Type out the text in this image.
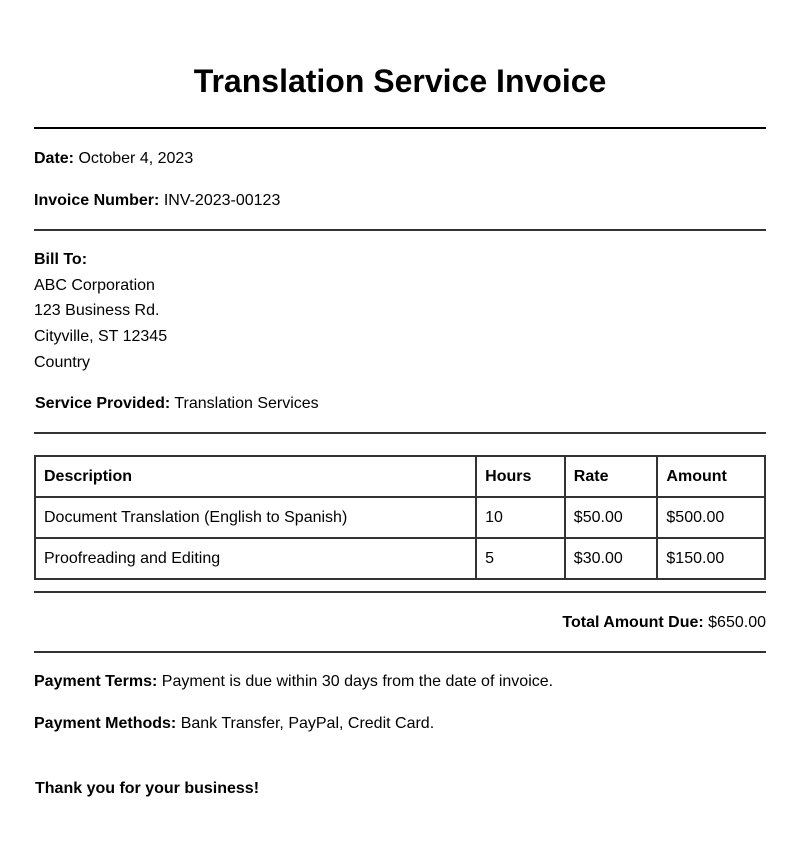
Translation Service Invoice
Date: October 4, 2023
Invoice Number: INV-2023-00123
Bill To:
ABC Corporation
123 Business Rd.
Cityville, ST 12345
Country
Service Provided: Translation Services
Description	Hours	Rate	Amount
Document Translation (English to Spanish)	10	$50.00	$500.00
Proofreading and Editing	5	$30.00	$150.00
Total Amount Due: $650.00
Payment Terms: Payment is due within 30 days from the date of invoice.
Payment Methods: Bank Transfer, PayPal, Credit Card.
Thank you for your business!
